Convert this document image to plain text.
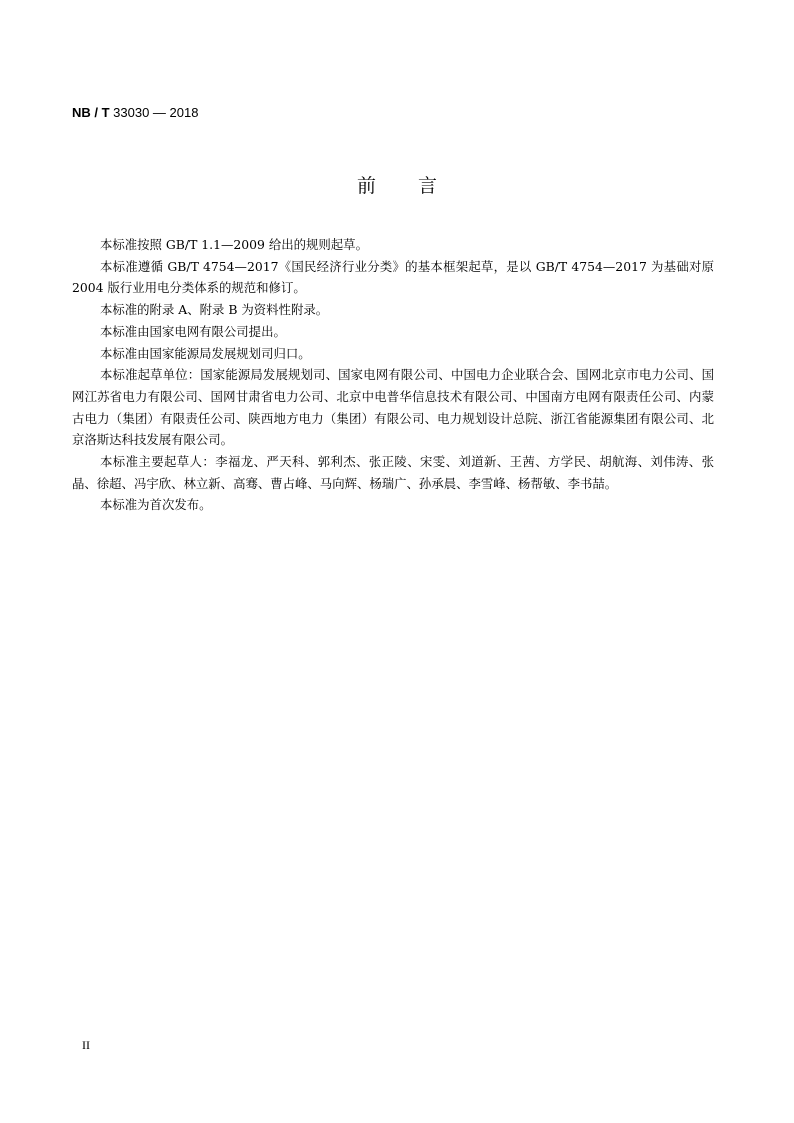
NB / T 33030 — 2018
前言

本标准按照 GB/T 1.1—2009 给出的规则起草。

本标准遵循 GB/T 4754—2017《国民经济行业分类》的基本框架起草，是以 GB/T 4754—2017 为基础对原 2004 版行业用电分类体系的规范和修订。

本标准的附录 A、附录 B 为资料性附录。

本标准由国家电网有限公司提出。

本标准由国家能源局发展规划司归口。

本标准起草单位：国家能源局发展规划司、国家电网有限公司、中国电力企业联合会、国网北京市电力公司、国网江苏省电力有限公司、国网甘肃省电力公司、北京中电普华信息技术有限公司、中国南方电网有限责任公司、内蒙古电力（集团）有限责任公司、陕西地方电力（集团）有限公司、电力规划设计总院、浙江省能源集团有限公司、北京洛斯达科技发展有限公司。

本标准主要起草人：李福龙、严天科、郭利杰、张正陵、宋雯、刘道新、王茜、方学民、胡航海、刘伟涛、张晶、徐超、冯宇欣、林立新、高骞、曹占峰、马向辉、杨瑞广、孙承晨、李雪峰、杨帮敏、李书喆。

本标准为首次发布。

II
